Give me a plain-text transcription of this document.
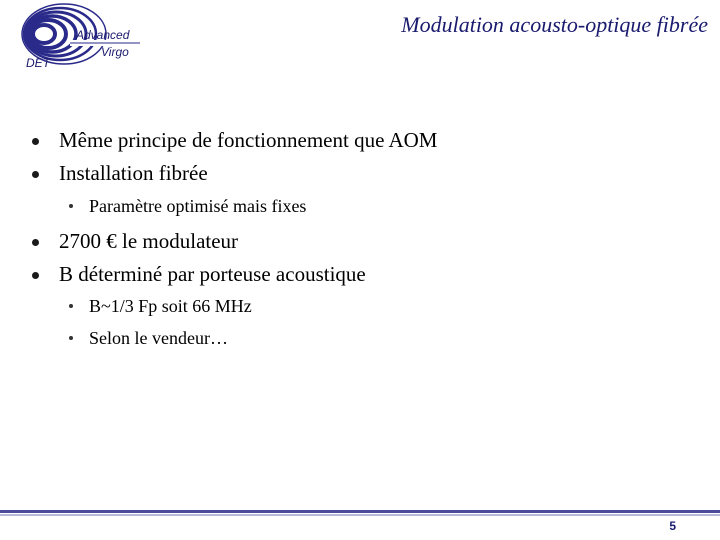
Advanced
Virgo
DET
Modulation acousto-optique fibrée
Même principe de fonctionnement que AOM
Installation fibrée
Paramètre optimisé mais fixes
2700 € le modulateur
B déterminé par porteuse acoustique
B~1/3 Fp soit 66 MHz
Selon le vendeur…
5
